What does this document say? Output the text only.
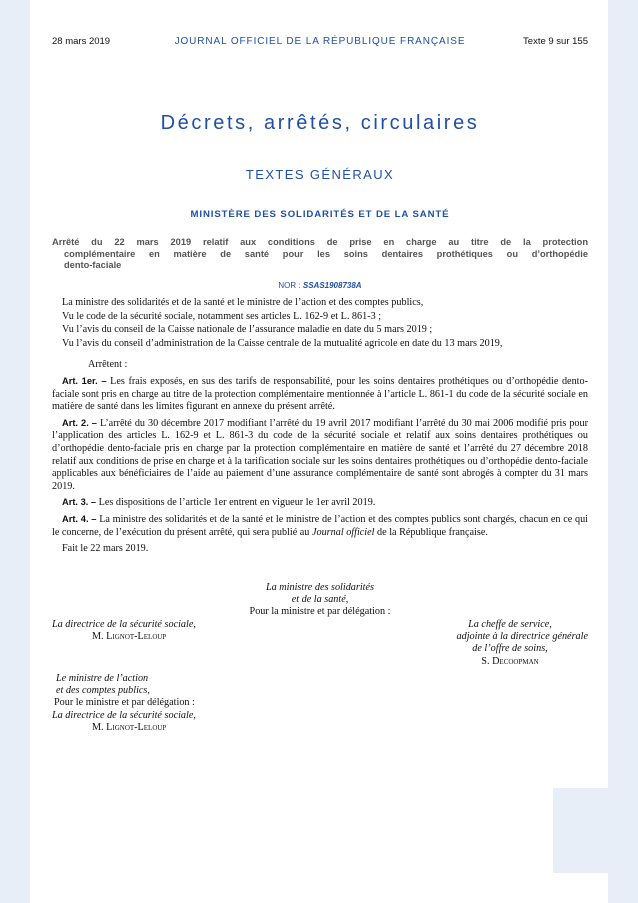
28 mars 2019	JOURNAL OFFICIEL DE LA RÉPUBLIQUE FRANÇAISE	Texte 9 sur 155
Décrets, arrêtés, circulaires
TEXTES GÉNÉRAUX
MINISTÈRE DES SOLIDARITÉS ET DE LA SANTÉ
Arrêté du 22 mars 2019 relatif aux conditions de prise en charge au titre de la protection
complémentaire en matière de santé pour les soins dentaires prothétiques ou d’orthopédie
dento-faciale
NOR : SSAS1908738A

La ministre des solidarités et de la santé et le ministre de l’action et des comptes publics,

Vu le code de la sécurité sociale, notamment ses articles L. 162-9 et L. 861-3 ;

Vu l’avis du conseil de la Caisse nationale de l’assurance maladie en date du 5 mars 2019 ;

Vu l’avis du conseil d’administration de la Caisse centrale de la mutualité agricole en date du 13 mars 2019,

Arrêtent :

Art. 1er. – Les frais exposés, en sus des tarifs de responsabilité, pour les soins dentaires prothétiques ou d’orthopédie dento-faciale sont pris en charge au titre de la protection complémentaire mentionnée à l’article L. 861-1 du code de la sécurité sociale en matière de santé dans les limites figurant en annexe du présent arrêté.

Art. 2. – L’arrêté du 30 décembre 2017 modifiant l’arrêté du 19 avril 2017 modifiant l’arrêté du 30 mai 2006 modifié pris pour l’application des articles L. 162-9 et L. 861-3 du code de la sécurité sociale et relatif aux soins dentaires prothétiques ou d’orthopédie dento-faciale pris en charge par la protection complémentaire en matière de santé et l’arrêté du 27 décembre 2018 relatif aux conditions de prise en charge et à la tarification sociale sur les soins dentaires prothétiques ou d’orthopédie dento-faciale applicables aux bénéficiaires de l’aide au paiement d’une assurance complémentaire de santé sont abrogés à compter du 31 mars 2019.

Art. 3. – Les dispositions de l’article 1er entrent en vigueur le 1er avril 2019.

Art. 4. – La ministre des solidarités et de la santé et le ministre de l’action et des comptes publics sont chargés, chacun en ce qui le concerne, de l’exécution du présent arrêté, qui sera publié au Journal officiel de la République française.

Fait le 22 mars 2019.

La ministre des solidarités
et de la santé,
Pour la ministre et par délégation :
La directrice de la sécurité sociale,
M. Lignot-Leloup
La cheffe de service,
adjointe à la directrice générale
de l’offre de soins,
S. Decoopman
Le ministre de l’action
et des comptes publics,
Pour le ministre et par délégation :
La directrice de la sécurité sociale,
M. Lignot-Leloup
